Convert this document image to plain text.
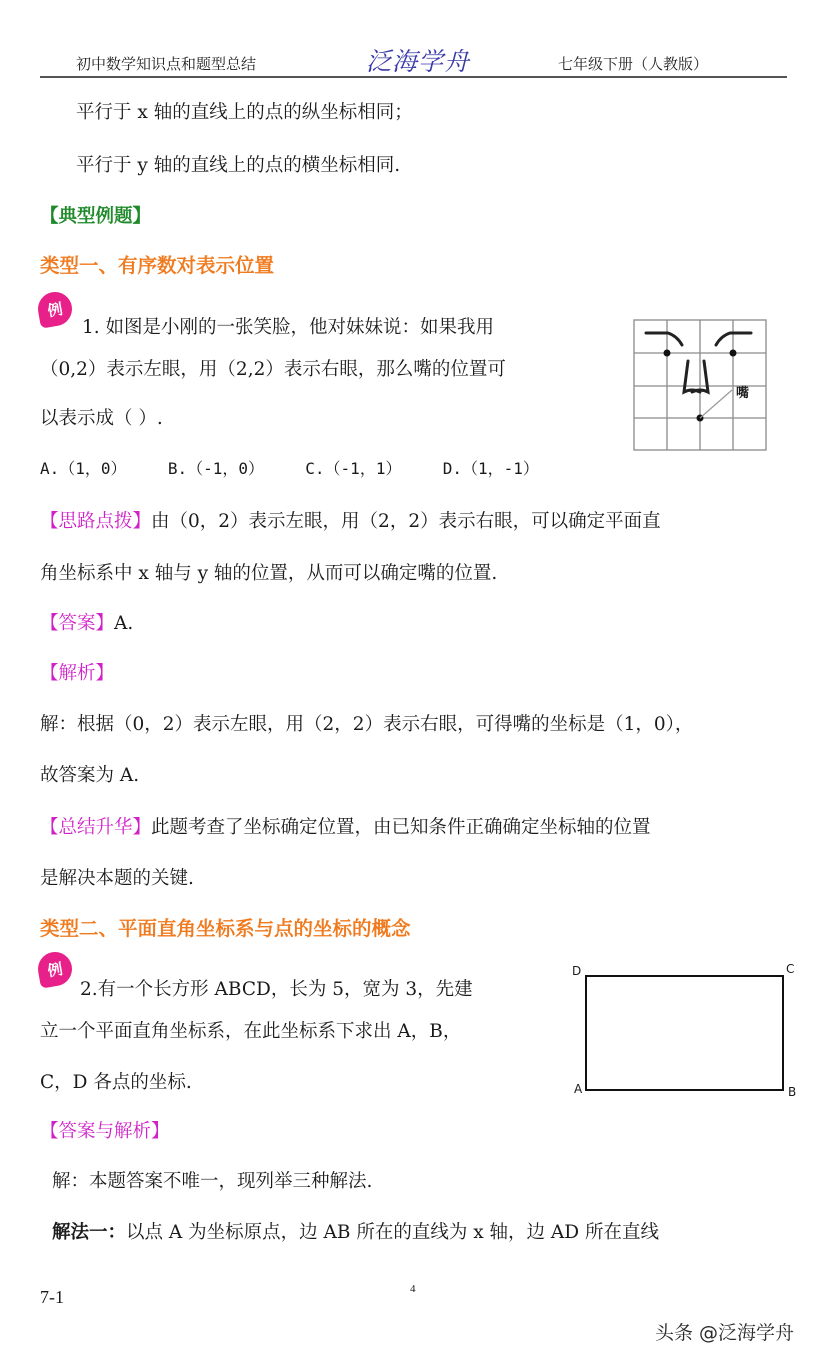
初中数学知识点和题型总结	泛海学舟	七年级下册（人教版）
平行于 x 轴的直线上的点的纵坐标相同；
平行于 y 轴的直线上的点的横坐标相同.
【典型例题】
类型一、有序数对表示位置
例
1. 如图是小刚的一张笑脸，他对妹妹说：如果我用
（0,2）表示左眼，用（2,2）表示右眼，那么嘴的位置可
以表示成（ ）.
A.（1，0）	B.（-1，0）	C.（-1，1）	D.（1，-1）
嘴
【思路点拨】由（0，2）表示左眼，用（2，2）表示右眼，可以确定平面直
角坐标系中 x 轴与 y 轴的位置，从而可以确定嘴的位置.
【答案】A.
【解析】
解：根据（0，2）表示左眼，用（2，2）表示右眼，可得嘴的坐标是（1，0），
故答案为 A.
【总结升华】此题考查了坐标确定位置，由已知条件正确确定坐标轴的位置
是解决本题的关键.
类型二、平面直角坐标系与点的坐标的概念
例
2.有一个长方形 ABCD，长为 5，宽为 3，先建
立一个平面直角坐标系，在此坐标系下求出 A，B，
C，D 各点的坐标.
D	C
A	B
【答案与解析】
解：本题答案不唯一，现列举三种解法.
解法一：以点 A 为坐标原点，边 AB 所在的直线为 x 轴，边 AD 所在直线
7-1	4
头条 @泛海学舟
